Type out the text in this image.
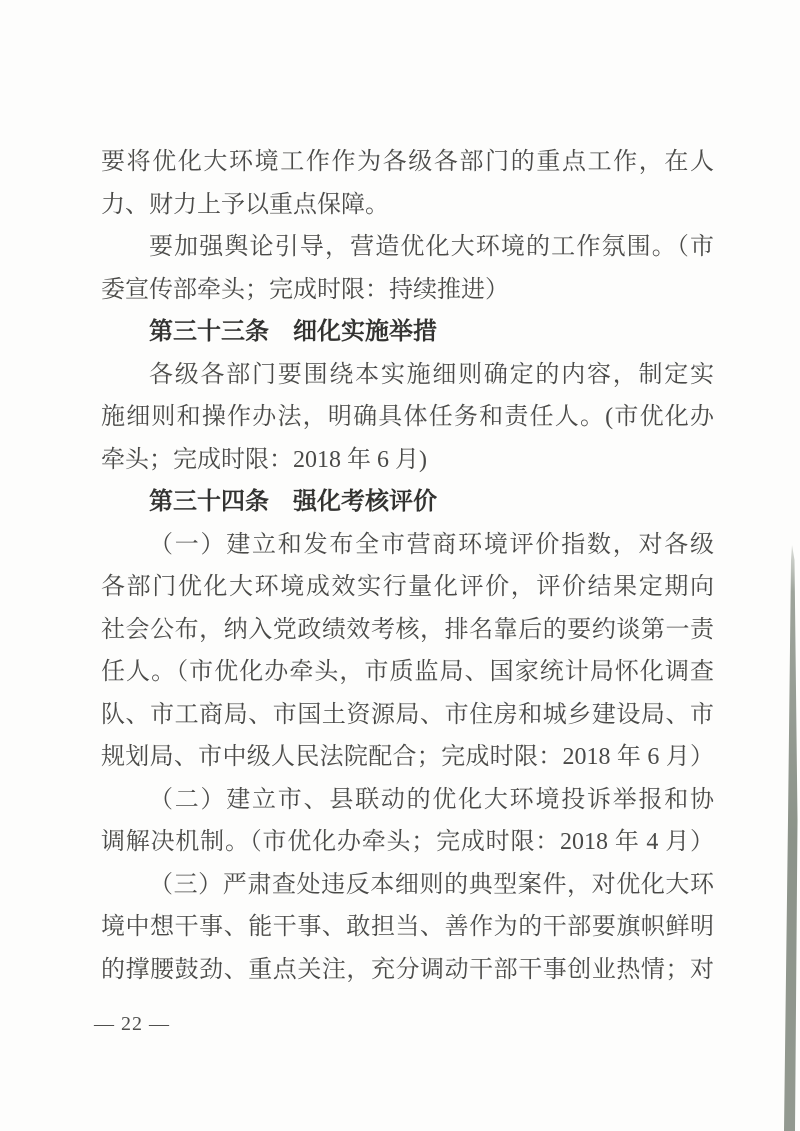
要将优化大环境工作作为各级各部门的重点工作，在人
力、财力上予以重点保障。
要加强舆论引导，营造优化大环境的工作氛围。（市
委宣传部牵头；完成时限：持续推进）
第三十三条　细化实施举措
各级各部门要围绕本实施细则确定的内容，制定实
施细则和操作办法，明确具体任务和责任人。(市优化办
牵头；完成时限：2018 年 6 月)
第三十四条　强化考核评价
（一）建立和发布全市营商环境评价指数，对各级
各部门优化大环境成效实行量化评价，评价结果定期向
社会公布，纳入党政绩效考核，排名靠后的要约谈第一责
任人。（市优化办牵头，市质监局、国家统计局怀化调查
队、市工商局、市国土资源局、市住房和城乡建设局、市
规划局、市中级人民法院配合；完成时限：2018 年 6 月）
（二）建立市、县联动的优化大环境投诉举报和协
调解决机制。（市优化办牵头；完成时限：2018 年 4 月）
（三）严肃查处违反本细则的典型案件，对优化大环
境中想干事、能干事、敢担当、善作为的干部要旗帜鲜明
的撑腰鼓劲、重点关注，充分调动干部干事创业热情；对
— 22 —
